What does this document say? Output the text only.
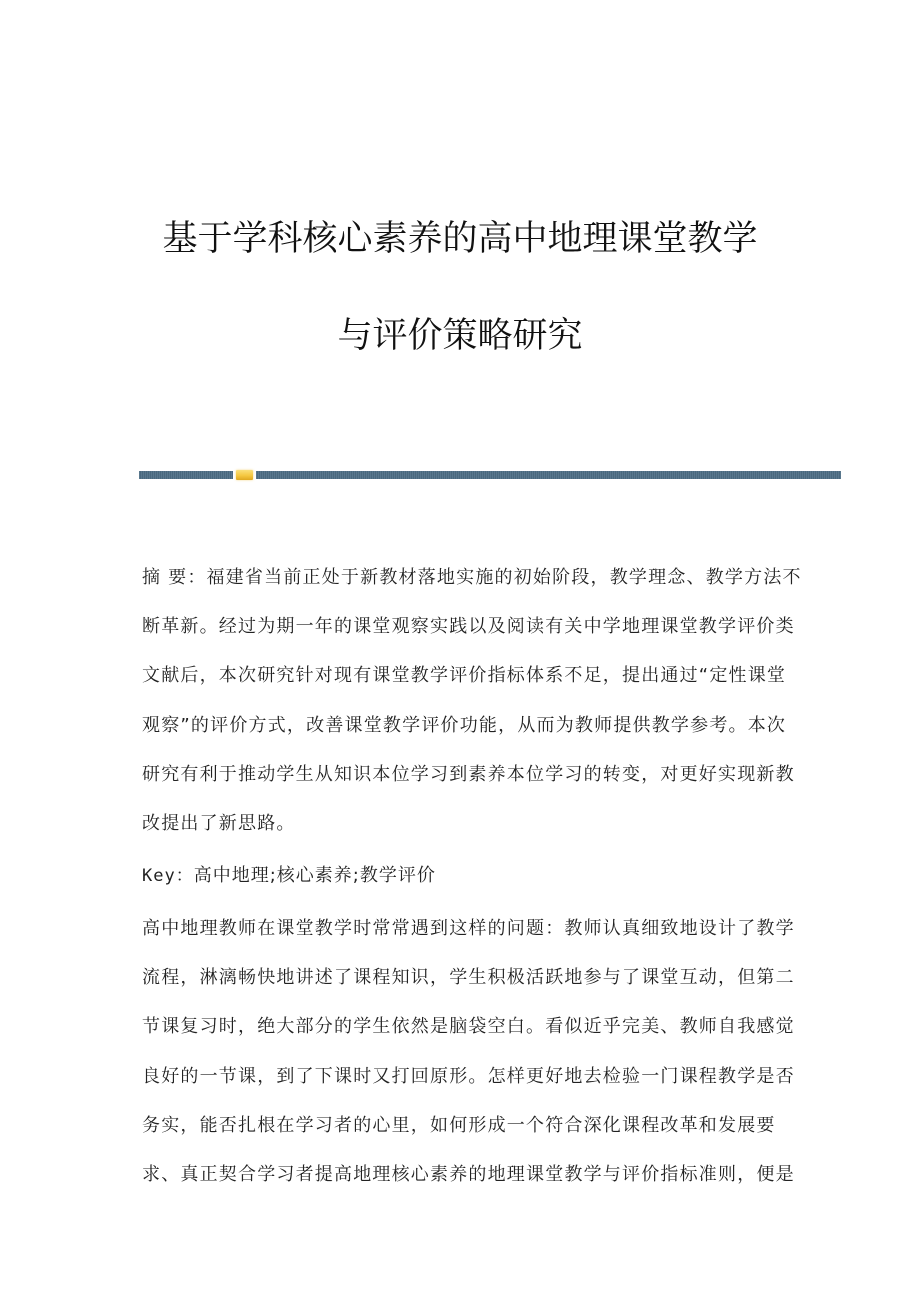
基于学科核心素养的高中地理课堂教学
与评价策略研究
摘 要：福建省当前正处于新教材落地实施的初始阶段，教学理念、教学方法不
断革新。经过为期一年的课堂观察实践以及阅读有关中学地理课堂教学评价类
文献后，本次研究针对现有课堂教学评价指标体系不足，提出通过“定性课堂
观察”的评价方式，改善课堂教学评价功能，从而为教师提供教学参考。本次
研究有利于推动学生从知识本位学习到素养本位学习的转变，对更好实现新教
改提出了新思路。
Key：高中地理;核心素养;教学评价
高中地理教师在课堂教学时常常遇到这样的问题：教师认真细致地设计了教学
流程，淋漓畅快地讲述了课程知识，学生积极活跃地参与了课堂互动，但第二
节课复习时，绝大部分的学生依然是脑袋空白。看似近乎完美、教师自我感觉
良好的一节课，到了下课时又打回原形。怎样更好地去检验一门课程教学是否
务实，能否扎根在学习者的心里，如何形成一个符合深化课程改革和发展要
求、真正契合学习者提高地理核心素养的地理课堂教学与评价指标准则，便是
